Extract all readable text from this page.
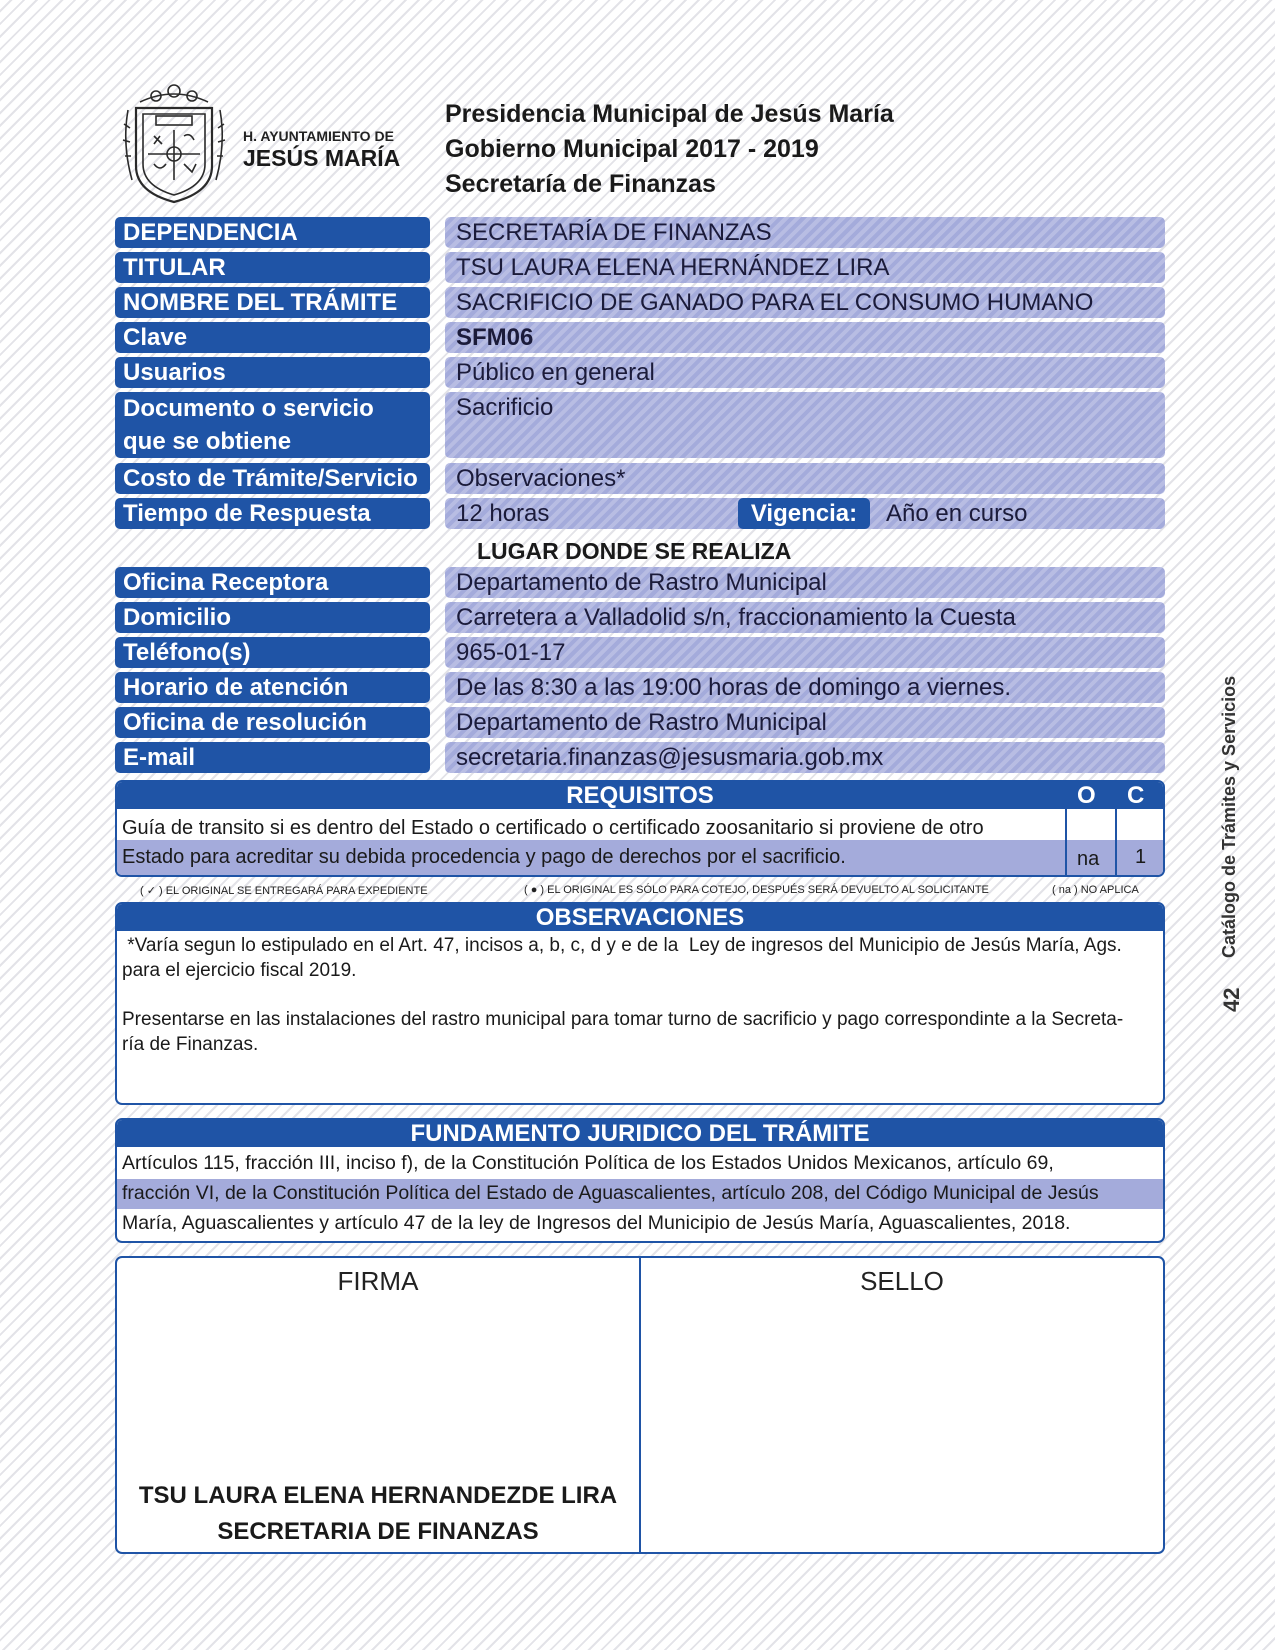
H. AYUNTAMIENTO DE
JESÚS MARÍA
Presidencia Municipal de Jesús María
Gobierno Municipal 2017 - 2019
Secretaría de Finanzas
DEPENDENCIA	SECRETARÍA DE FINANZAS
TITULAR	TSU LAURA ELENA HERNÁNDEZ LIRA
NOMBRE DEL TRÁMITE	SACRIFICIO DE GANADO PARA EL CONSUMO HUMANO
Clave	SFM06
Usuarios	Público en general
Documento o servicio
que se obtiene
Sacrificio
Costo de Trámite/Servicio	Observaciones*
Tiempo de Respuesta	12 horas	Vigencia:	Año en curso
LUGAR DONDE SE REALIZA
Oficina Receptora	Departamento de Rastro Municipal
Domicilio	Carretera a Valladolid s/n, fraccionamiento la Cuesta
Teléfono(s)	965-01-17
Horario de atención	De las 8:30 a las 19:00 horas de domingo a viernes.
Oficina de resolución	Departamento de Rastro Municipal
E-mail	secretaria.finanzas@jesusmaria.gob.mx
REQUISITOS	O C
Guía de transito si es dentro del Estado o certificado o certificado zoosanitario si proviene de otro
Estado para acreditar su debida procedencia y pago de derechos por el sacrificio.	na 1
( ✓ ) EL ORIGINAL SE ENTREGARÁ PARA EXPEDIENTE	( ● ) EL ORIGINAL ES SÓLO PARA COTEJO, DESPUÉS SERÁ DEVUELTO AL SOLICITANTE	( na ) NO APLICA
OBSERVACIONES
*Varía segun lo estipulado en el Art. 47, incisos a, b, c, d y e de la  Ley de ingresos del Municipio de Jesús María, Ags.
para el ejercicio fiscal 2019.
Presentarse en las instalaciones del rastro municipal para tomar turno de sacrificio y pago correspondinte a la Secreta-
ría de Finanzas.
FUNDAMENTO JURIDICO DEL TRÁMITE
Artículos 115, fracción III, inciso f), de la Constitución Política de los Estados Unidos Mexicanos, artículo 69,
fracción VI, de la Constitución Política del Estado de Aguascalientes, artículo 208, del Código Municipal de Jesús
María, Aguascalientes y artículo 47 de la ley de Ingresos del Municipio de Jesús María, Aguascalientes, 2018.
FIRMA	SELLO
TSU LAURA ELENA HERNANDEZDE LIRA
SECRETARIA DE FINANZAS
Catálogo de Trámites y Servicios
42
